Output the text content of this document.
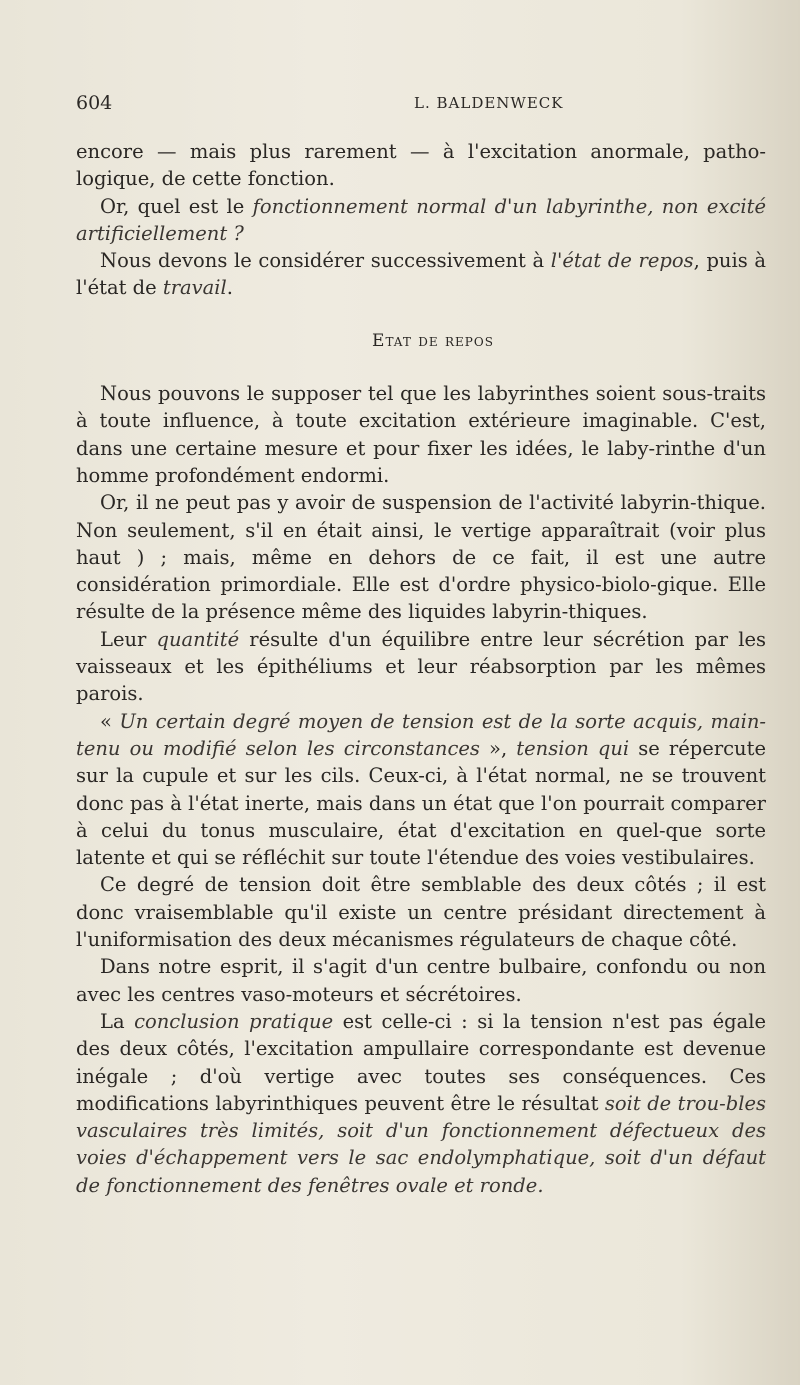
604	L. BALDENWECK

encore — mais plus rarement — à l'excitation anormale, patho-logique, de cette fonction.

Or, quel est le fonctionnement normal d'un labyrinthe, non excité artificiellement ?

Nous devons le considérer successivement à l'état de repos, puis à l'état de travail.

Etat de repos

Nous pouvons le supposer tel que les labyrinthes soient sous-traits à toute influence, à toute excitation extérieure imaginable. C'est, dans une certaine mesure et pour fixer les idées, le laby-rinthe d'un homme profondément endormi.

Or, il ne peut pas y avoir de suspension de l'activité labyrin-thique. Non seulement, s'il en était ainsi, le vertige apparaîtrait (voir plus haut ) ; mais, même en dehors de ce fait, il est une autre considération primordiale. Elle est d'ordre physico-biolo-gique. Elle résulte de la présence même des liquides labyrin-thiques.

Leur quantité résulte d'un équilibre entre leur sécrétion par les vaisseaux et les épithéliums et leur réabsorption par les mêmes parois.

« Un certain degré moyen de tension est de la sorte acquis, main-tenu ou modifié selon les circonstances », tension qui se répercute sur la cupule et sur les cils. Ceux-ci, à l'état normal, ne se trouvent donc pas à l'état inerte, mais dans un état que l'on pourrait comparer à celui du tonus musculaire, état d'excitation en quel-que sorte latente et qui se réfléchit sur toute l'étendue des voies vestibulaires.

Ce degré de tension doit être semblable des deux côtés ; il est donc vraisemblable qu'il existe un centre présidant directement à l'uniformisation des deux mécanismes régulateurs de chaque côté.

Dans notre esprit, il s'agit d'un centre bulbaire, confondu ou non avec les centres vaso-moteurs et sécrétoires.

La conclusion pratique est celle-ci : si la tension n'est pas égale des deux côtés, l'excitation ampullaire correspondante est devenue inégale ; d'où vertige avec toutes ses conséquences. Ces modifications labyrinthiques peuvent être le résultat soit de trou-bles vasculaires très limités, soit d'un fonctionnement défectueux des voies d'échappement vers le sac endolymphatique, soit d'un défaut de fonctionnement des fenêtres ovale et ronde.
